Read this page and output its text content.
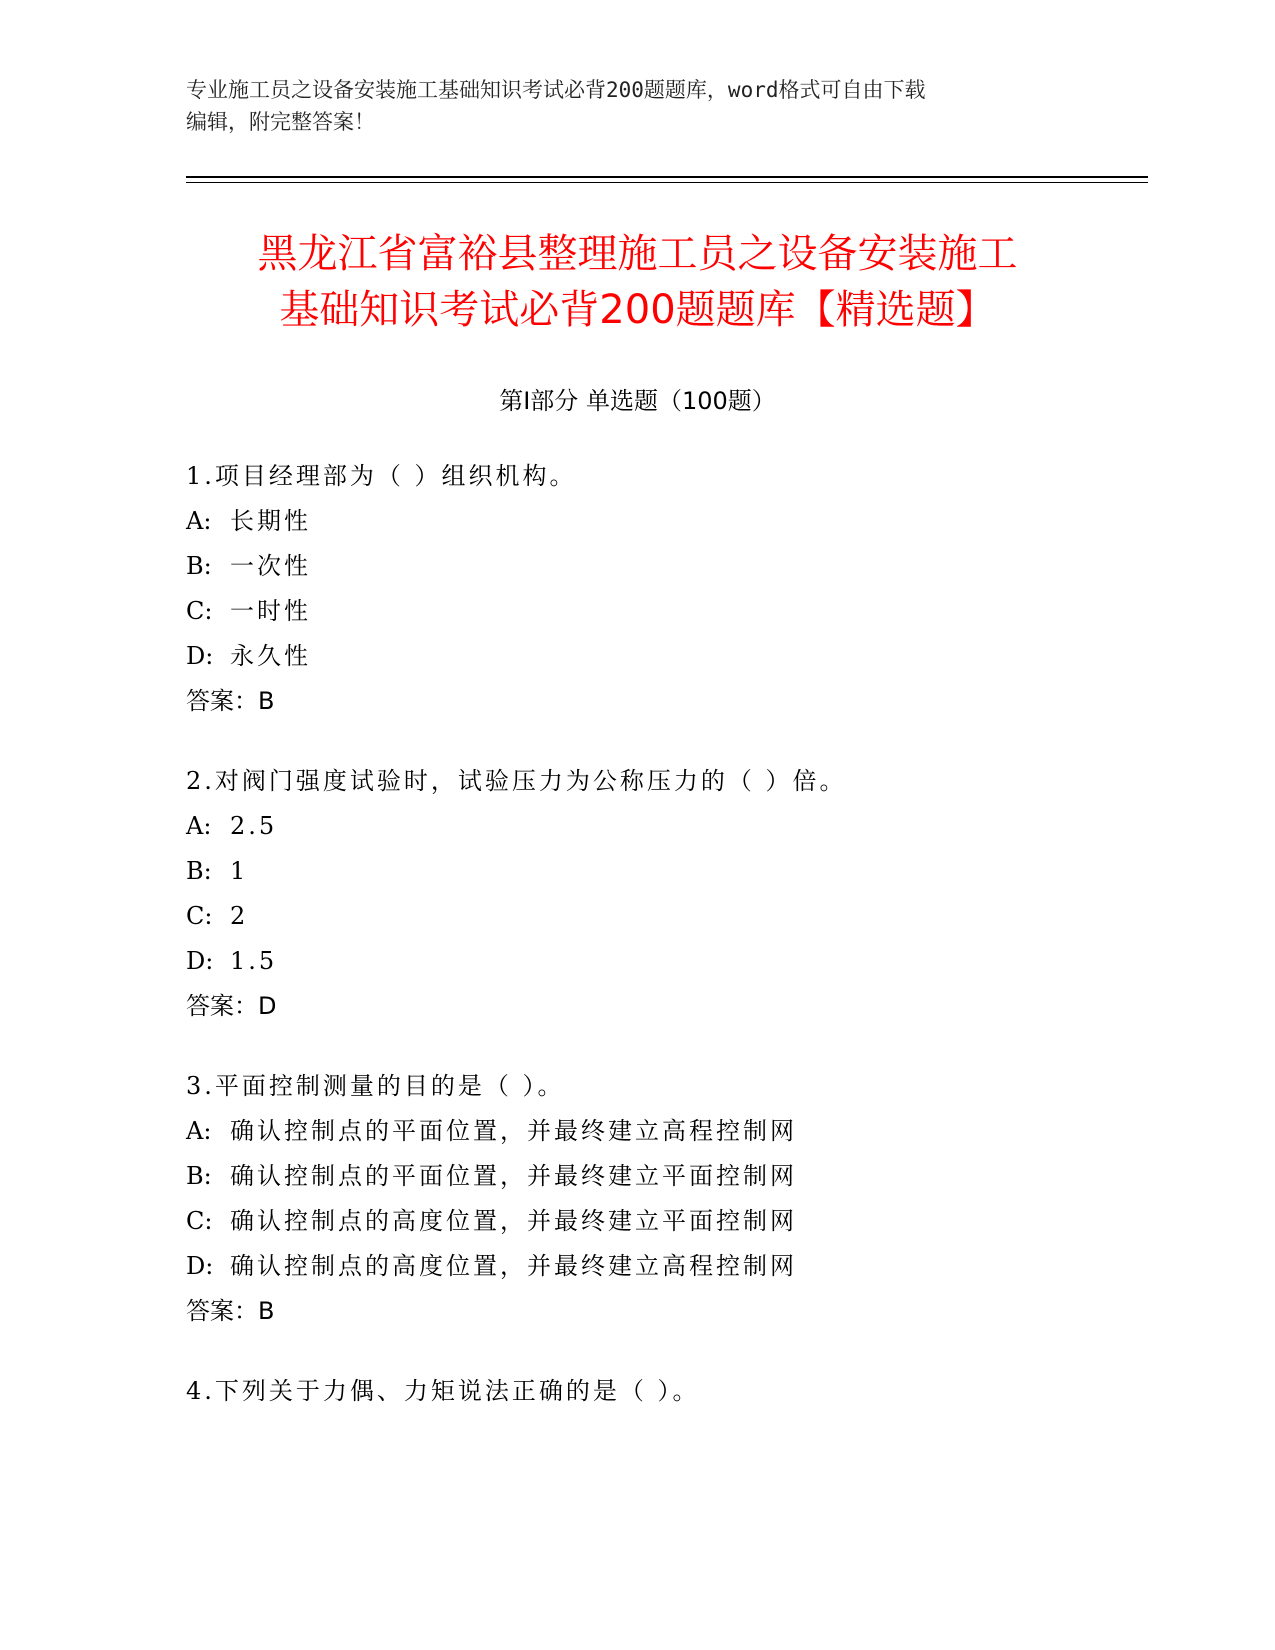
专业施工员之设备安装施工基础知识考试必背200题题库，word格式可自由下载
编辑，附完整答案！
黑龙江省富裕县整理施工员之设备安装施工
基础知识考试必背200题题库【精选题】
第Ⅰ部分 单选题（100题）
1.项目经理部为（ ）组织机构。
A: 长期性
B: 一次性
C: 一时性
D: 永久性
答案：B
2.对阀门强度试验时，试验压力为公称压力的（ ）倍。
A: 2.5
B: 1
C: 2
D: 1.5
答案：D
3.平面控制测量的目的是（ ）。
A: 确认控制点的平面位置，并最终建立高程控制网
B: 确认控制点的平面位置，并最终建立平面控制网
C: 确认控制点的高度位置，并最终建立平面控制网
D: 确认控制点的高度位置，并最终建立高程控制网
答案：B
4.下列关于力偶、力矩说法正确的是（ ）。
